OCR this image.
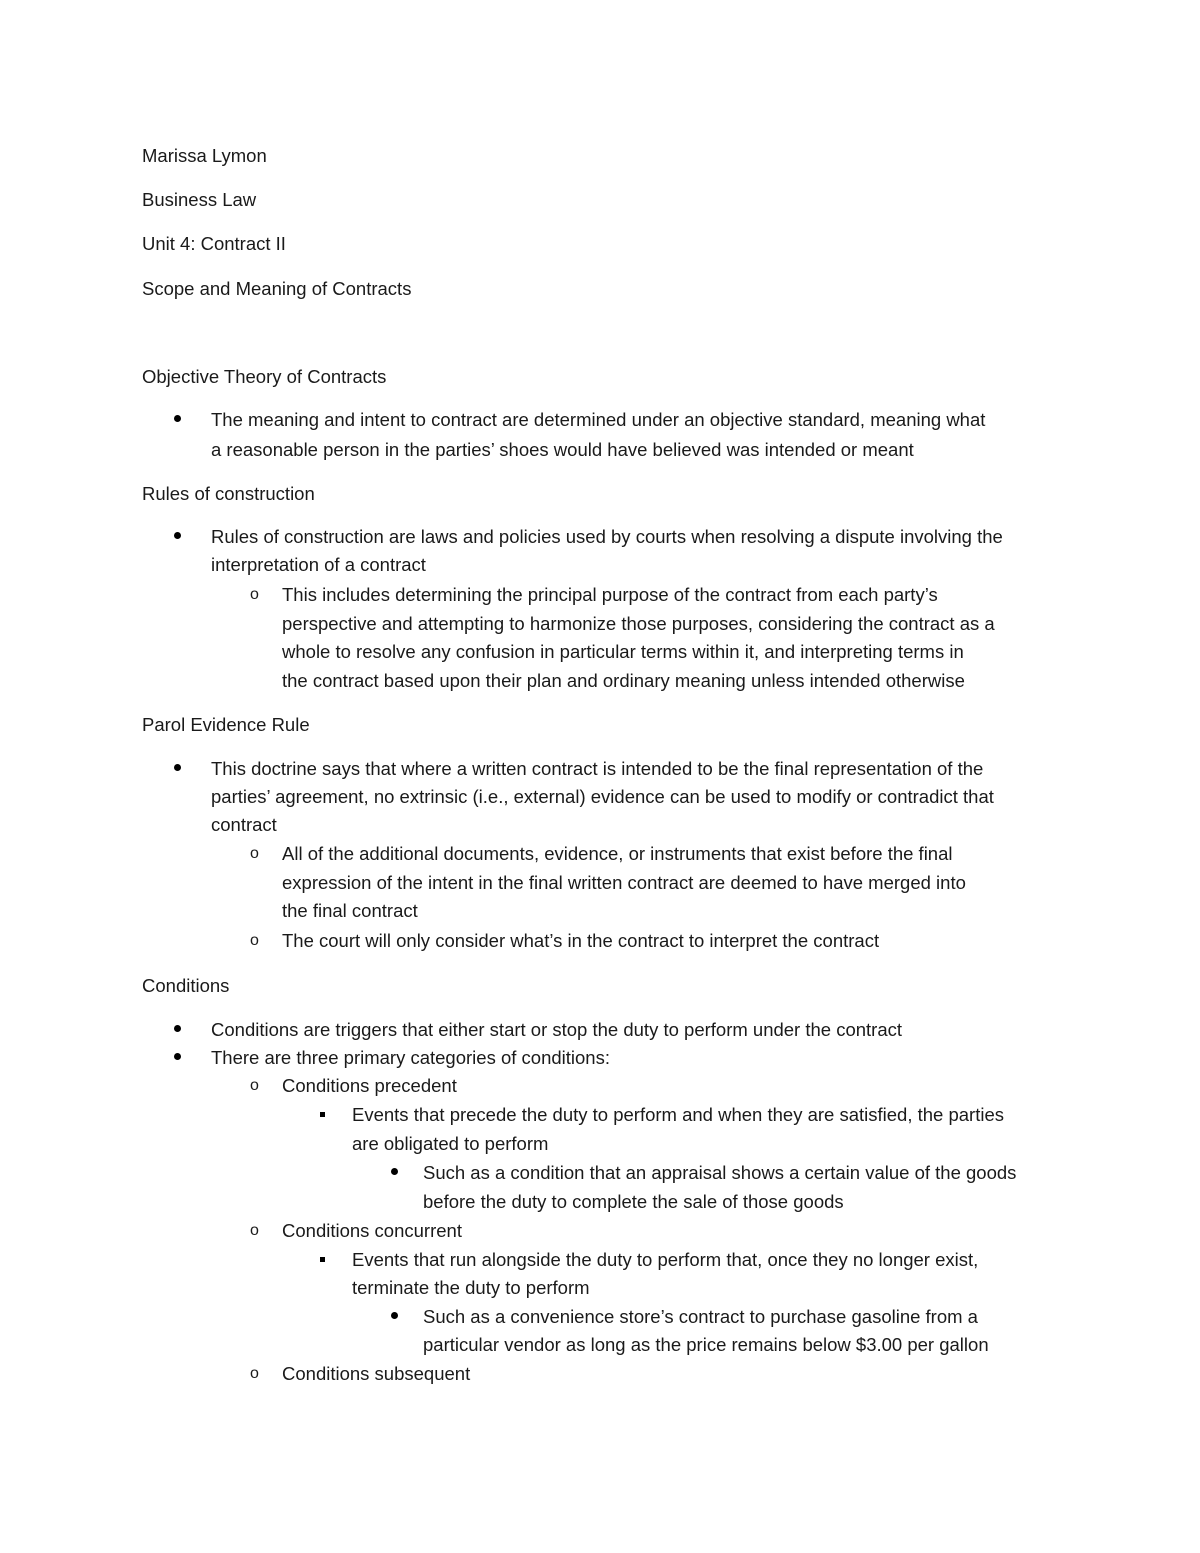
Marissa Lymon
Business Law
Unit 4: Contract II
Scope and Meaning of Contracts
Objective Theory of Contracts
The meaning and intent to contract are determined under an objective standard, meaning what
a reasonable person in the parties’ shoes would have believed was intended or meant
Rules of construction
Rules of construction are laws and policies used by courts when resolving a dispute involving the
interpretation of a contract
o This includes determining the principal purpose of the contract from each party’s
perspective and attempting to harmonize those purposes, considering the contract as a
whole to resolve any confusion in particular terms within it, and interpreting terms in
the contract based upon their plan and ordinary meaning unless intended otherwise
Parol Evidence Rule
This doctrine says that where a written contract is intended to be the final representation of the
parties’ agreement, no extrinsic (i.e., external) evidence can be used to modify or contradict that
contract
o All of the additional documents, evidence, or instruments that exist before the final
expression of the intent in the final written contract are deemed to have merged into
the final contract
o The court will only consider what’s in the contract to interpret the contract
Conditions
Conditions are triggers that either start or stop the duty to perform under the contract
There are three primary categories of conditions:
o Conditions precedent
Events that precede the duty to perform and when they are satisfied, the parties
are obligated to perform
Such as a condition that an appraisal shows a certain value of the goods
before the duty to complete the sale of those goods
o Conditions concurrent
Events that run alongside the duty to perform that, once they no longer exist,
terminate the duty to perform
Such as a convenience store’s contract to purchase gasoline from a
particular vendor as long as the price remains below $3.00 per gallon
o Conditions subsequent
